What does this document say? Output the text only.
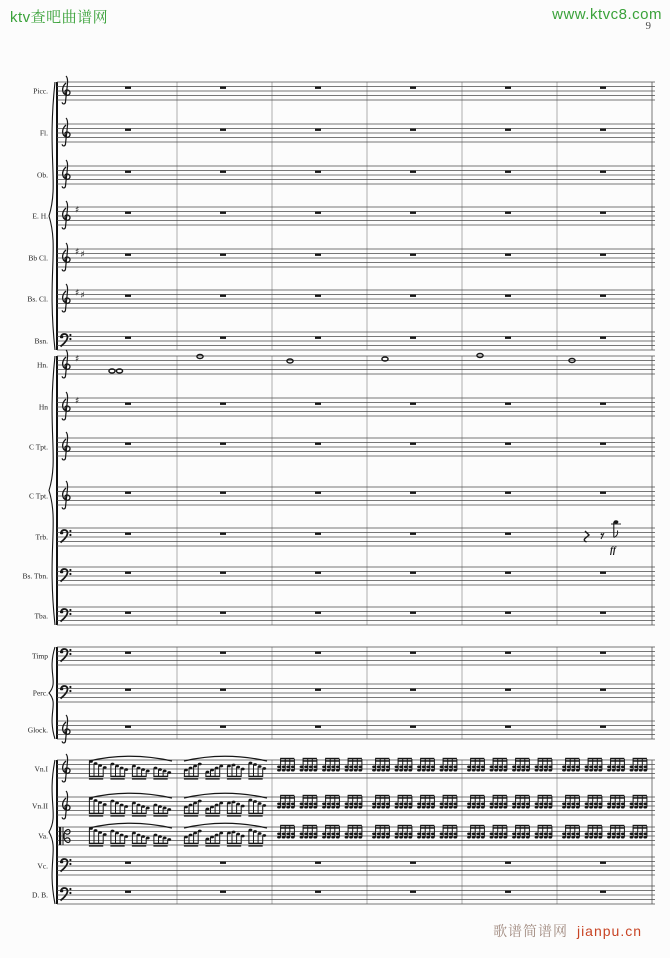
ktv查吧曲谱网	www.ktvc8.com
9
Picc.
Fl.
Ob.
E. H.
♯
Bb Cl.
♯ ♯
Bs. Cl.
♯ ♯
Bsn.
Hn.
♯
Hn
♯
C Tpt.
C Tpt.
Trb.
ff
Bs. Tbn.
Tba.
Timp
Perc.
Glock.
Vn.I
Vn.II
Va.
Vc.
D. B.
歌谱简谱网 jianpu.cn
